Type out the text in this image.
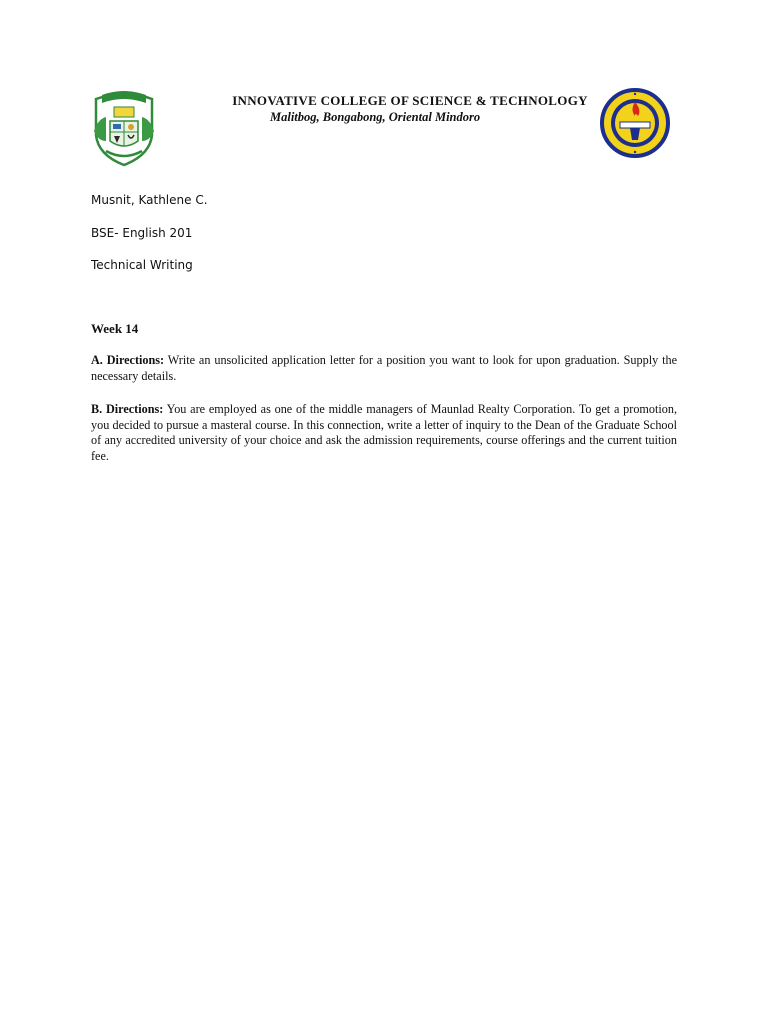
INNOVATIVE COLLEGE OF SCIENCE & TECHNOLOGY
Malitbog, Bongabong, Oriental Mindoro
Musnit, Kathlene C.
BSE- English 201
Technical Writing
Week 14
A. Directions: Write an unsolicited application letter for a position you want to look for upon graduation. Supply the necessary details.
B. Directions: You are employed as one of the middle managers of Maunlad Realty Corporation. To get a promotion, you decided to pursue a masteral course. In this connection, write a letter of inquiry to the Dean of the Graduate School of any accredited university of your choice and ask the admission requirements, course offerings and the current tuition fee.
